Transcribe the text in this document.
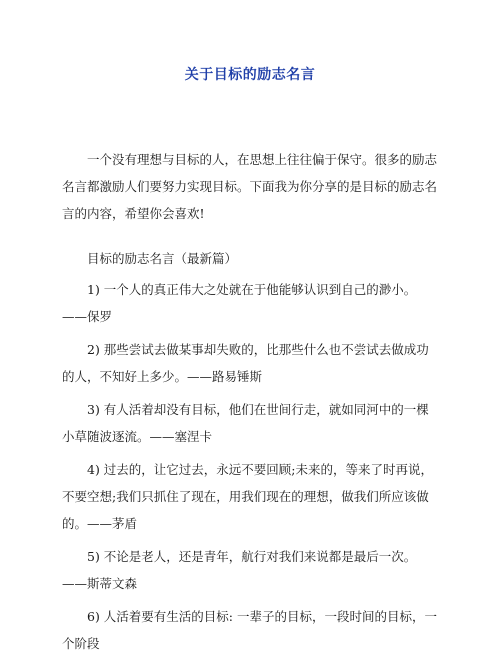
关于目标的励志名言

一个没有理想与目标的人，在思想上往往偏于保守。很多的励志名言都激励人们要努力实现目标。下面我为你分享的是目标的励志名言的内容，希望你会喜欢!

目标的励志名言（最新篇）

1) 一个人的真正伟大之处就在于他能够认识到自己的渺小。——保罗

2) 那些尝试去做某事却失败的，比那些什么也不尝试去做成功的人，不知好上多少。——路易锤斯

3) 有人活着却没有目标，他们在世间行走，就如同河中的一棵小草随波逐流。——塞涅卡

4) 过去的，让它过去，永远不要回顾;未来的，等来了时再说，不要空想;我们只抓住了现在，用我们现在的理想，做我们所应该做的。——茅盾

5) 不论是老人，还是青年，航行对我们来说都是最后一次。——斯蒂文森

6) 人活着要有生活的目标: 一辈子的目标，一段时间的目标，一个阶段
